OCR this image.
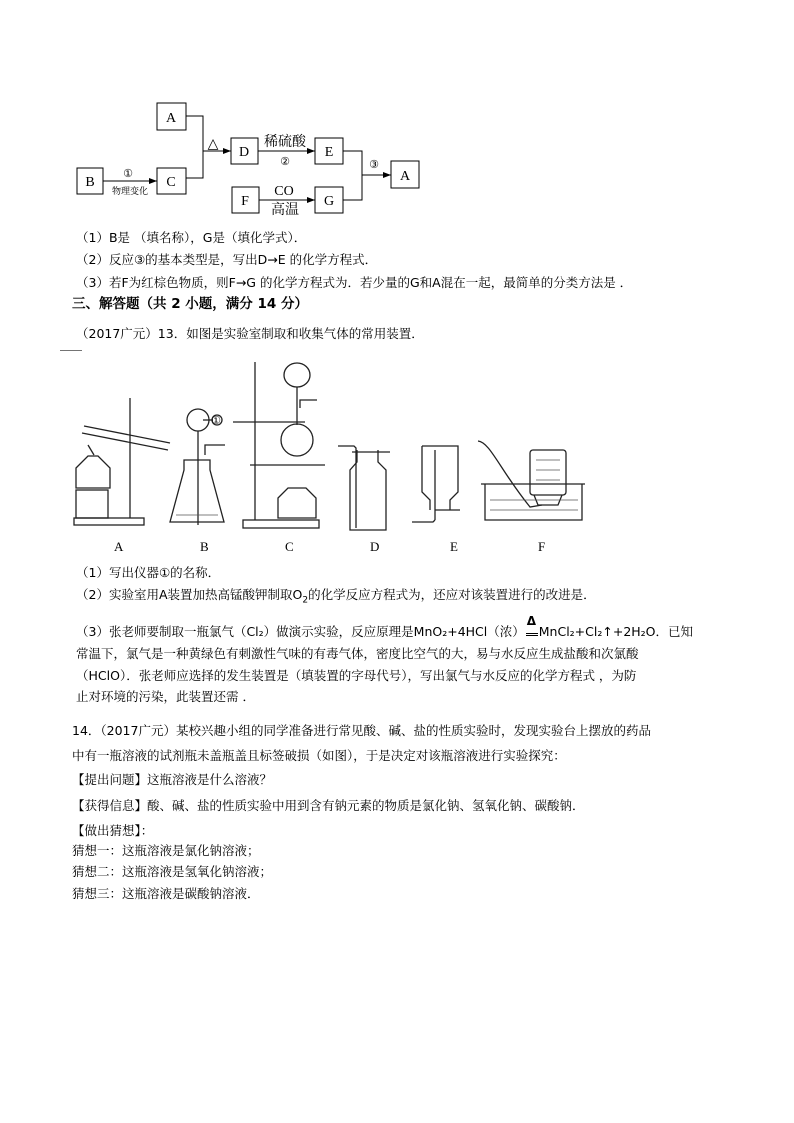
A
B	C
D	E
F	G
A
①
物理变化
△	稀硫酸
②
CO
高温
③
（1）B是 （填名称），G是（填化学式）．
（2）反应③的基本类型是，写出D→E 的化学方程式．
（3）若F为红棕色物质，则F→G 的化学方程式为．若少量的G和A混在一起，最简单的分类方法是 ．
三、解答题（共 2 小题，满分 14 分）
（2017广元）13．如图是实验室制取和收集气体的常用装置．
①
A	B	C	D	E	F
（1）写出仪器①的名称．
（2）实验室用A装置加热高锰酸钾制取$O_2$的化学反应方程式为，还应对该装置进行的改进是．
（3）张老师要制取一瓶氯气（Cl₂）做演示实验，反应原理是MnO₂+4HCl（浓）
Δ
MnCl₂+Cl₂↑+2H₂O．已知
常温下，氯气是一种黄绿色有刺激性气味的有毒气体，密度比空气的大，易与水反应生成盐酸和次氯酸
（HClO）．张老师应选择的发生装置是（填装置的字母代号），写出氯气与水反应的化学方程式 ，为防
止对环境的污染，此装置还需 ．
14．（2017广元）某校兴趣小组的同学准备进行常见酸、碱、盐的性质实验时，发现实验台上摆放的药品
中有一瓶溶液的试剂瓶未盖瓶盖且标签破损（如图），于是决定对该瓶溶液进行实验探究：
【提出问题】这瓶溶液是什么溶液？
【获得信息】酸、碱、盐的性质实验中用到含有钠元素的物质是氯化钠、氢氧化钠、碳酸钠．
【做出猜想】：
猜想一：这瓶溶液是氯化钠溶液；
猜想二：这瓶溶液是氢氧化钠溶液；
猜想三：这瓶溶液是碳酸钠溶液．
